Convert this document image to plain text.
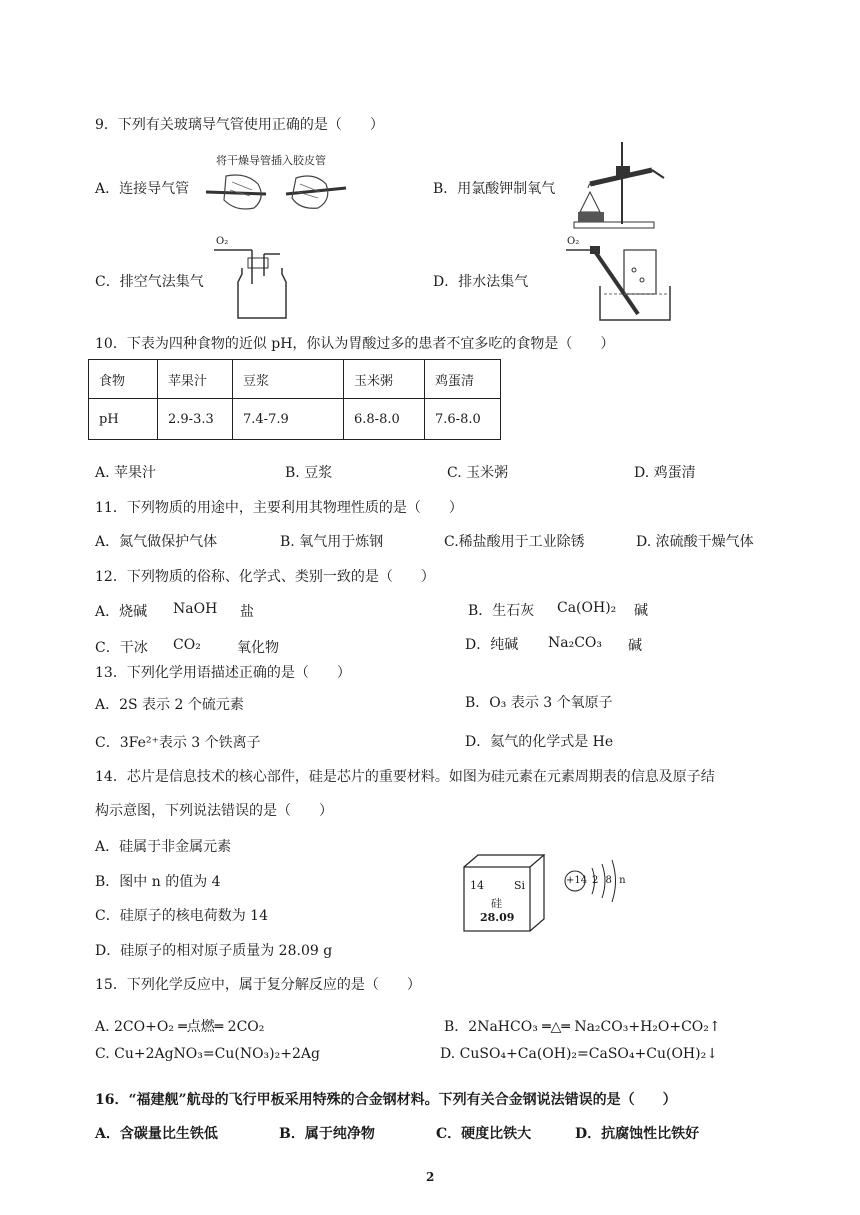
9．下列有关玻璃导气管使用正确的是（　　）
将干燥导管插入胶皮管
A．连接导气管	B．用氯酸钾制氧气
O₂
C．排空气法集气	D．排水法集气
O₂
10．下表为四种食物的近似 pH，你认为胃酸过多的患者不宜多吃的食物是（　　）
食物	苹果汁	豆浆	玉米粥	鸡蛋清
pH	2.9-3.3	7.4-7.9	6.8-8.0	7.6-8.0
A. 苹果汁	B. 豆浆	C. 玉米粥	D. 鸡蛋清
11．下列物质的用途中，主要利用其物理性质的是（　　）
A．氮气做保护气体	B. 氧气用于炼钢	C.稀盐酸用于工业除锈	D. 浓硫酸干燥气体
12．下列物质的俗称、化学式、类别一致的是（　　）
A．烧碱 NaOH 盐	B．生石灰 Ca(OH)₂ 碱
C．干冰 CO₂	氧化物	D．纯碱 Na₂CO₃ 碱
13．下列化学用语描述正确的是（　　）
A．2S 表示 2 个硫元素	B．O₃ 表示 3 个氧原子
C．3Fe²⁺表示 3 个铁离子	D．氦气的化学式是 He
14．芯片是信息技术的核心部件，硅是芯片的重要材料。如图为硅元素在元素周期表的信息及原子结
构示意图，下列说法错误的是（　　）
A．硅属于非金属元素
B．图中 n 的值为 4
C．硅原子的核电荷数为 14
D．硅原子的相对原子质量为 28.09 g
14	Si
硅
28.09
+14 2 8 n
15．下列化学反应中，属于复分解反应的是（　　）
A. 2CO+O₂ ═点燃═ 2CO₂	B．2NaHCO₃ ═△═ Na₂CO₃+H₂O+CO₂↑
C. Cu+2AgNO₃=Cu(NO₃)₂+2Ag	D. CuSO₄+Ca(OH)₂=CaSO₄+Cu(OH)₂↓
16．“福建舰”航母的飞行甲板采用特殊的合金钢材料。下列有关合金钢说法错误的是（　　）
A．含碳量比生铁低	B．属于纯净物	C．硬度比铁大	D．抗腐蚀性比铁好
2
